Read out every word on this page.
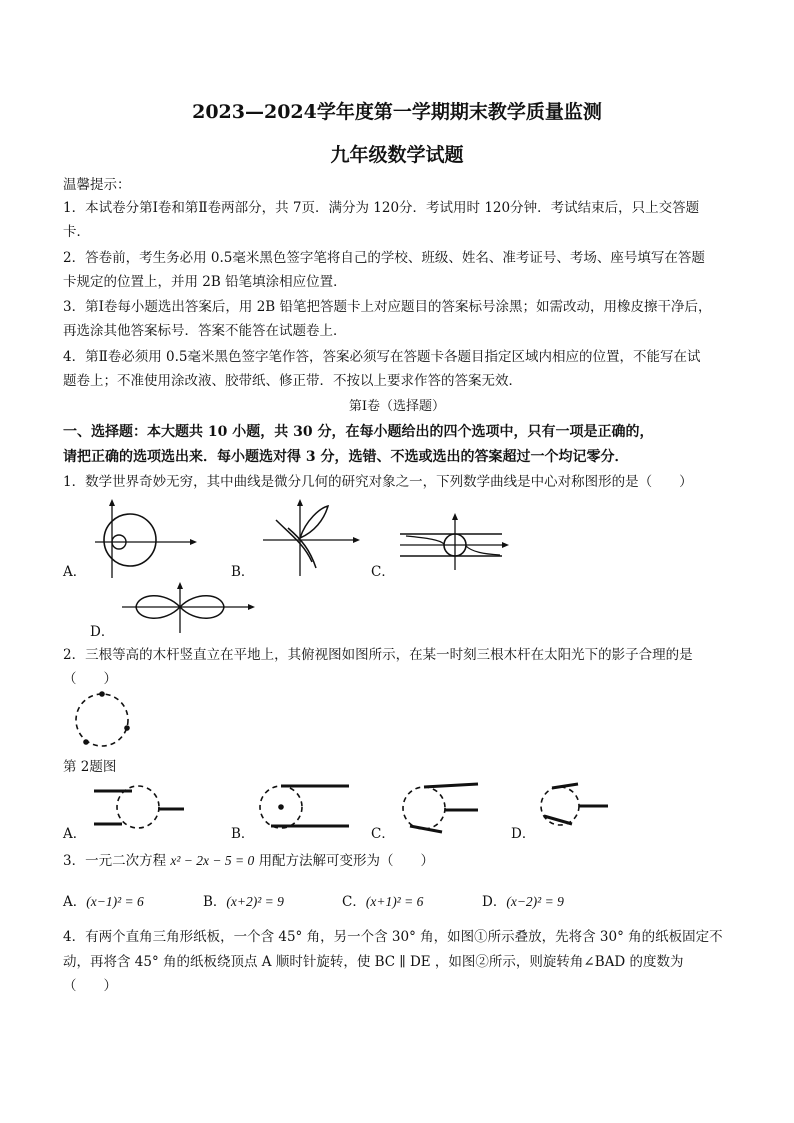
2023—2024学年度第一学期期末教学质量监测
九年级数学试题
温馨提示：
1．本试卷分第Ⅰ卷和第Ⅱ卷两部分，共 7页．满分为 120分．考试用时 120分钟．考试结束后，只上交答题
卡．
2．答卷前，考生务必用 0.5毫米黑色签字笔将自己的学校、班级、姓名、准考证号、考场、座号填写在答题
卡规定的位置上，并用 2B 铅笔填涂相应位置．
3．第Ⅰ卷每小题选出答案后，用 2B 铅笔把答题卡上对应题目的答案标号涂黑；如需改动，用橡皮擦干净后，
再选涂其他答案标号．答案不能答在试题卷上．
4．第Ⅱ卷必须用 0.5毫米黑色签字笔作答，答案必须写在答题卡各题目指定区域内相应的位置，不能写在试
题卷上；不准使用涂改液、胶带纸、修正带．不按以上要求作答的答案无效．
第Ⅰ卷（选择题）
一、选择题：本大题共 10 小题，共 30 分，在每小题给出的四个选项中，只有一项是正确的，
请把正确的选项选出来．每小题选对得 3 分，选错、不选或选出的答案超过一个均记零分．
1．数学世界奇妙无穷，其中曲线是微分几何的研究对象之一，下列数学曲线是中心对称图形的是（　　）
A．	B．	C．
D．
2．三根等高的木杆竖直立在平地上，其俯视图如图所示，在某一时刻三根木杆在太阳光下的影子合理的是
（　　）
第 2题图
A．	B．	C．	D．
3．一元二次方程 x² − 2x − 5 = 0 用配方法解可变形为（　　）
A．(x−1)² = 6	B．(x+2)² = 9	C．(x+1)² = 6	D．(x−2)² = 9
4．有两个直角三角形纸板，一个含 45° 角，另一个含 30° 角，如图①所示叠放，先将含 30° 角的纸板固定不
动，再将含 45° 角的纸板绕顶点 A 顺时针旋转，使 BC ∥ DE ，如图②所示，则旋转角∠BAD 的度数为
（　　）
